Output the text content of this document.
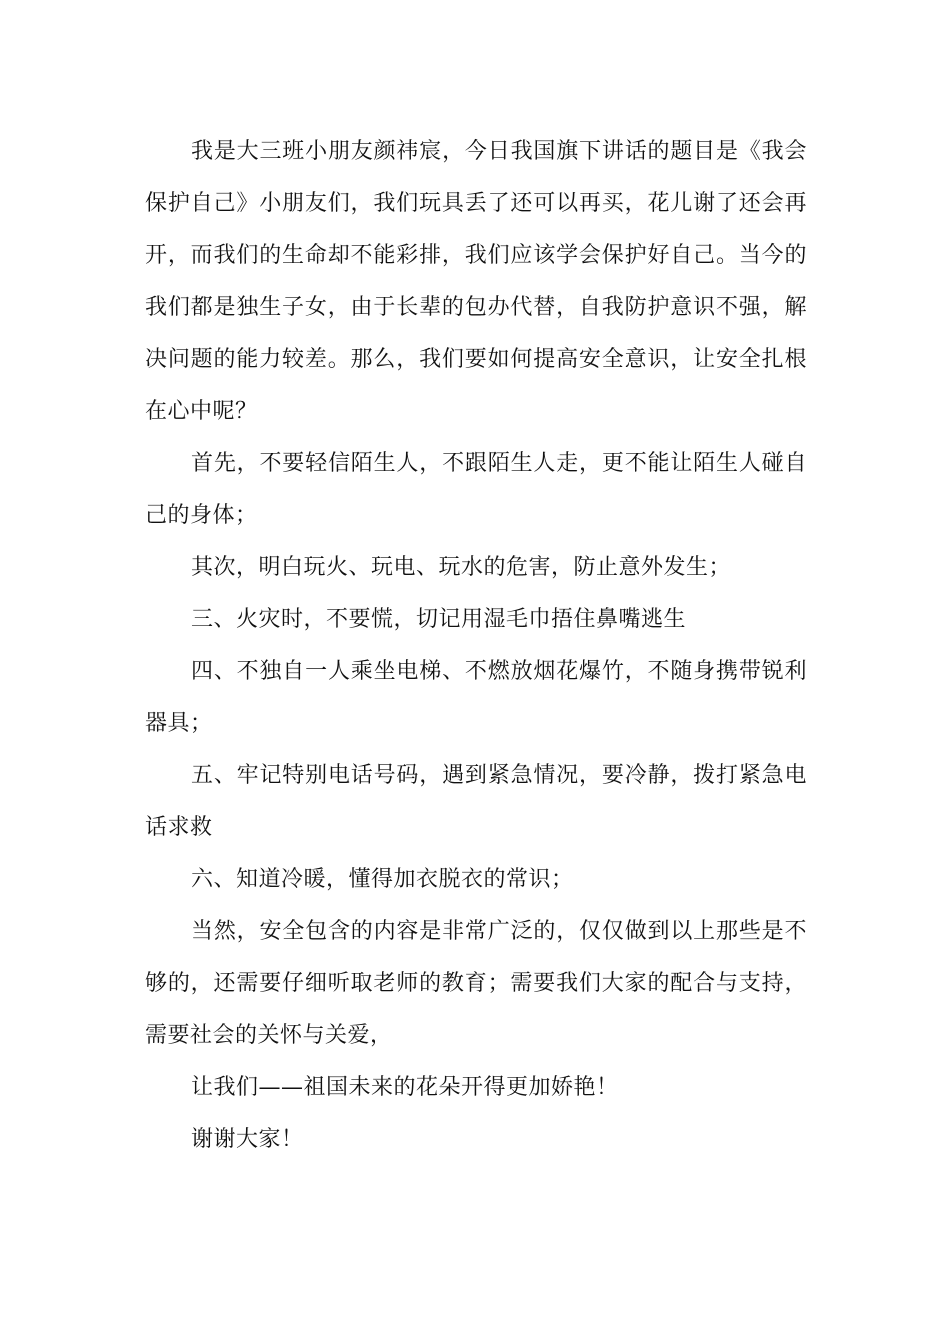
我是大三班小朋友颜祎宸，今日我国旗下讲话的题目是《我会保护自己》小朋友们，我们玩具丢了还可以再买，花儿谢了还会再开，而我们的生命却不能彩排，我们应该学会保护好自己。当今的我们都是独生子女，由于长辈的包办代替，自我防护意识不强，解决问题的能力较差。那么，我们要如何提高安全意识，让安全扎根在心中呢？

首先，不要轻信陌生人，不跟陌生人走，更不能让陌生人碰自己的身体；

其次，明白玩火、玩电、玩水的危害，防止意外发生；

三、火灾时，不要慌，切记用湿毛巾捂住鼻嘴逃生

四、不独自一人乘坐电梯、不燃放烟花爆竹，不随身携带锐利器具；

五、牢记特别电话号码，遇到紧急情况，要冷静，拨打紧急电话求救

六、知道冷暖，懂得加衣脱衣的常识；

当然，安全包含的内容是非常广泛的，仅仅做到以上那些是不够的，还需要仔细听取老师的教育；需要我们大家的配合与支持，需要社会的关怀与关爱，

让我们——祖国未来的花朵开得更加娇艳！

谢谢大家！
